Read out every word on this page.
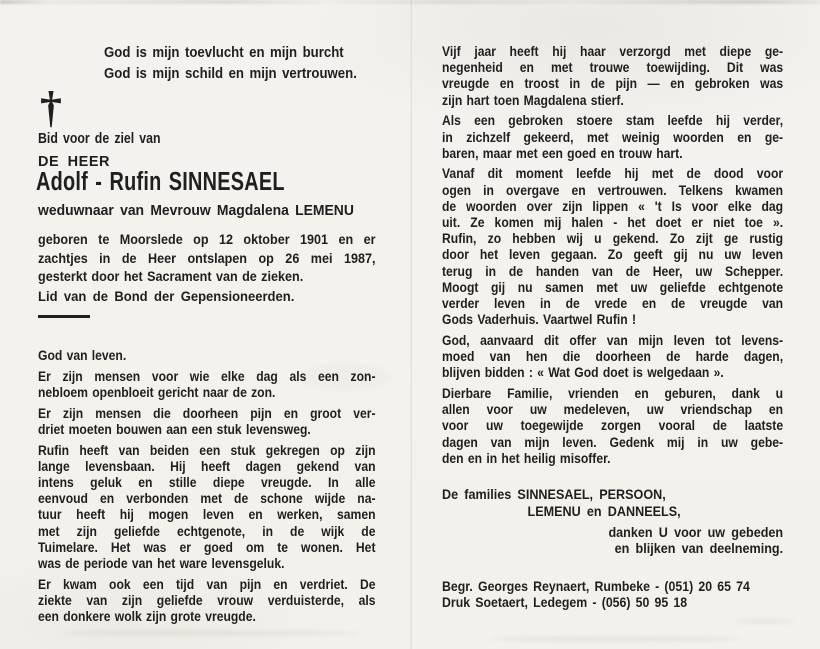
God is mijn toevlucht en mijn burcht
God is mijn schild en mijn vertrouwen.
†
Bid voor de ziel van
DE HEER
Adolf - Rufin SINNESAEL
weduwnaar van Mevrouw Magdalena LEMENU
geboren te Moorslede op 12 oktober 1901 en er
zachtjes in de Heer ontslapen op 26 mei 1987,
gesterkt door het Sacrament van de zieken.
Lid van de Bond der Gepensioneerden.
God van leven.
Er zijn mensen voor wie elke dag als een zon-
nebloem openbloeit gericht naar de zon.
Er zijn mensen die doorheen pijn en groot ver-
driet moeten bouwen aan een stuk levensweg.
Rufin heeft van beiden een stuk gekregen op zijn
lange levensbaan. Hij heeft dagen gekend van
intens geluk en stille diepe vreugde. In alle
eenvoud en verbonden met de schone wijde na-
tuur heeft hij mogen leven en werken, samen
met zijn geliefde echtgenote, in de wijk de
Tuimelare. Het was er goed om te wonen. Het
was de periode van het ware levensgeluk.
Er kwam ook een tijd van pijn en verdriet. De
ziekte van zijn geliefde vrouw verduisterde, als
een donkere wolk zijn grote vreugde.
Vijf jaar heeft hij haar verzorgd met diepe ge-
negenheid en met trouwe toewijding. Dit was
vreugde en troost in de pijn — en gebroken was
zijn hart toen Magdalena stierf.
Als een gebroken stoere stam leefde hij verder,
in zichzelf gekeerd, met weinig woorden en ge-
baren, maar met een goed en trouw hart.
Vanaf dit moment leefde hij met de dood voor
ogen in overgave en vertrouwen. Telkens kwamen
de woorden over zijn lippen « 't Is voor elke dag
uit. Ze komen mij halen - het doet er niet toe ».
Rufin, zo hebben wij u gekend. Zo zijt ge rustig
door het leven gegaan. Zo geeft gij nu uw leven
terug in de handen van de Heer, uw Schepper.
Moogt gij nu samen met uw geliefde echtgenote
verder leven in de vrede en de vreugde van
Gods Vaderhuis. Vaartwel Rufin !
God, aanvaard dit offer van mijn leven tot levens-
moed van hen die doorheen de harde dagen,
blijven bidden : « Wat God doet is welgedaan ».
Dierbare Familie, vrienden en geburen, dank u
allen voor uw medeleven, uw vriendschap en
voor uw toegewijde zorgen vooral de laatste
dagen van mijn leven. Gedenk mij in uw gebe-
den en in het heilig misoffer.
De families SINNESAEL, PERSOON,
LEMENU en DANNEELS,
danken U voor uw gebeden
en blijken van deelneming.
Begr. Georges Reynaert, Rumbeke - (051) 20 65 74
Druk Soetaert, Ledegem - (056) 50 95 18
